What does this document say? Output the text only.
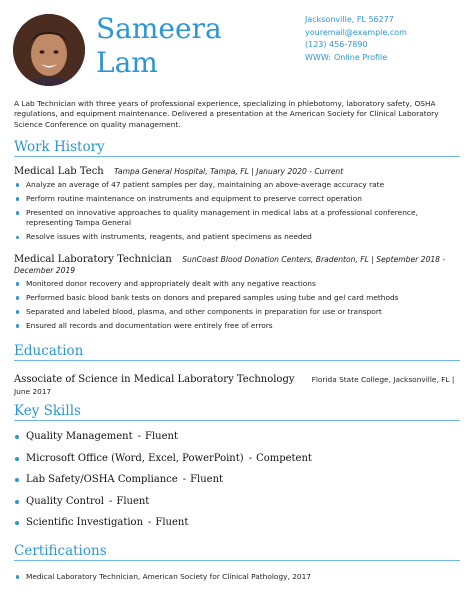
Sameera
Lam
Jacksonville, FL 56277
youremail@example.com
(123) 456-7890
WWW: Online Profile
A Lab Technician with three years of professional experience, specializing in phlebotomy, laboratory safety, OSHA regulations, and equipment maintenance. Delivered a presentation at the American Society for Clinical Laboratory Science Conference on quality management.
Work History
Medical Lab Tech Tampa General Hospital, Tampa, FL | January 2020 - Current
Analyze an average of 47 patient samples per day, maintaining an above-average accuracy rate
Perform routine maintenance on instruments and equipment to preserve correct operation
Presented on innovative approaches to quality management in medical labs at a professional conference, representing Tampa General
Resolve issues with instruments, reagents, and patient specimens as needed
Medical Laboratory Technician SunCoast Blood Donation Centers, Bradenton, FL | September 2018 - December 2019
Monitored donor recovery and appropriately dealt with any negative reactions
Performed basic blood bank tests on donors and prepared samples using tube and gel card methods
Separated and labeled blood, plasma, and other components in preparation for use or transport
Ensured all records and documentation were entirely free of errors
Education
Associate of Science in Medical Laboratory Technology Florida State College, Jacksonville, FL |
June 2017
Key Skills
Quality Management - Fluent
Microsoft Office (Word, Excel, PowerPoint) - Competent
Lab Safety/OSHA Compliance - Fluent
Quality Control - Fluent
Scientific Investigation - Fluent
Certifications
Medical Laboratory Technician, American Society for Clinical Pathology, 2017
